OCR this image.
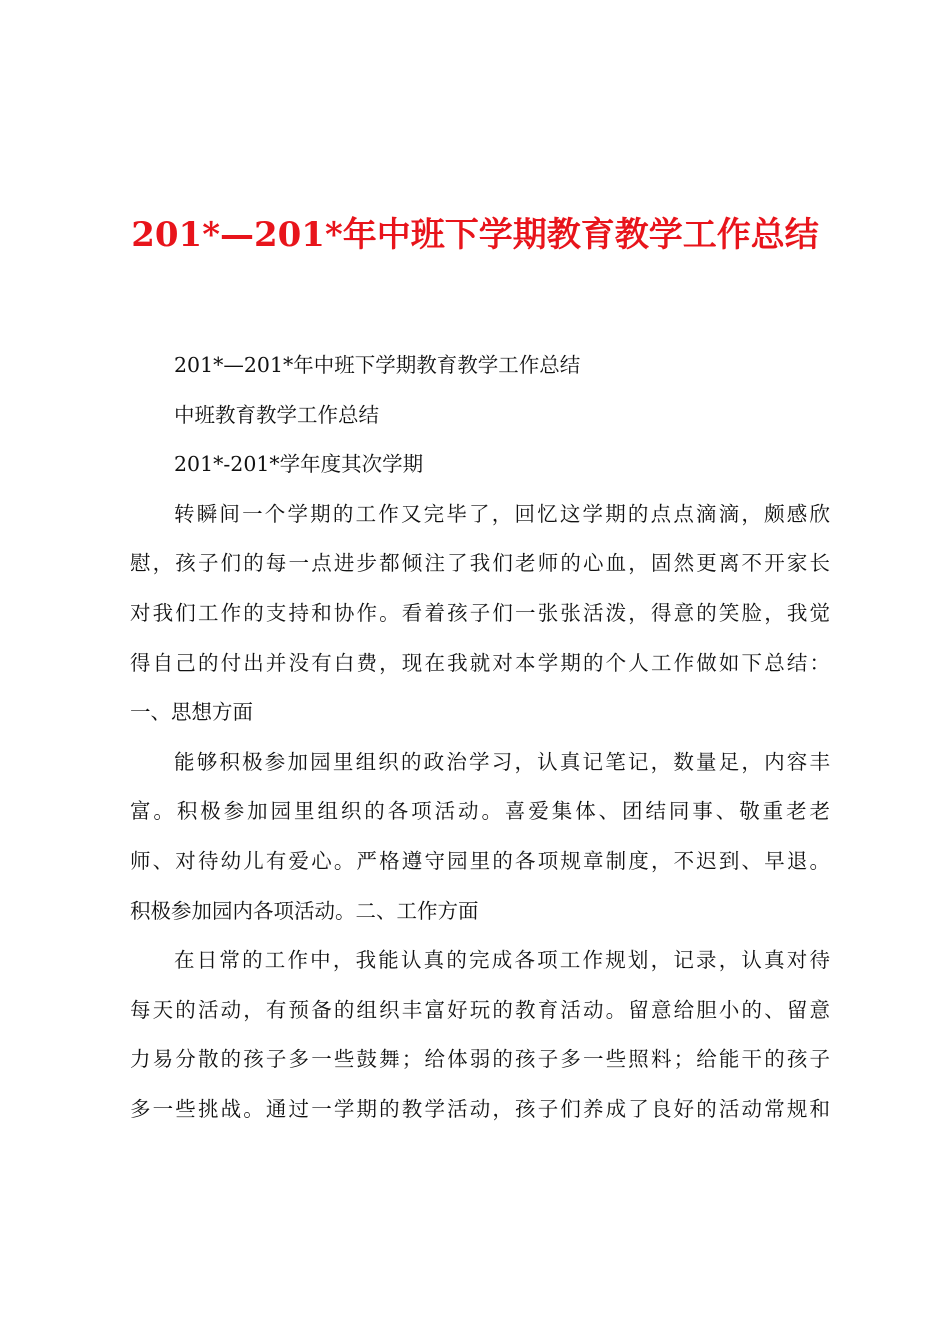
201*—201*年中班下学期教育教学工作总结
201*—201*年中班下学期教育教学工作总结
中班教育教学工作总结
201*-201*学年度其次学期
转瞬间一个学期的工作又完毕了，回忆这学期的点点滴滴，颇感欣
慰，孩子们的每一点进步都倾注了我们老师的心血，固然更离不开家长
对我们工作的支持和协作。看着孩子们一张张活泼，得意的笑脸，我觉
得自己的付出并没有白费，现在我就对本学期的个人工作做如下总结：
一、思想方面
能够积极参加园里组织的政治学习，认真记笔记，数量足，内容丰
富。积极参加园里组织的各项活动。喜爱集体、团结同事、敬重老老
师、对待幼儿有爱心。严格遵守园里的各项规章制度，不迟到、早退。
积极参加园内各项活动。二、工作方面
在日常的工作中，我能认真的完成各项工作规划，记录，认真对待
每天的活动，有预备的组织丰富好玩的教育活动。留意给胆小的、留意
力易分散的孩子多一些鼓舞；给体弱的孩子多一些照料；给能干的孩子
多一些挑战。通过一学期的教学活动，孩子们养成了良好的活动常规和
